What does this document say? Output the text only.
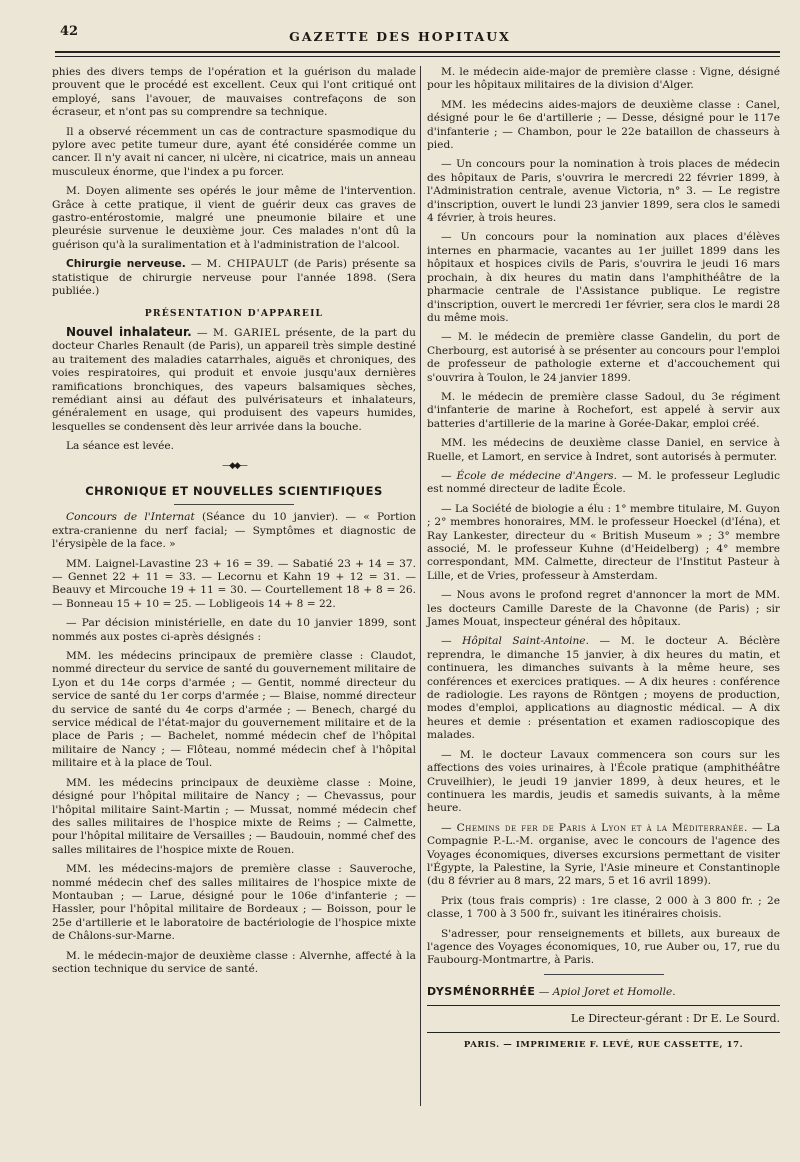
42	GAZETTE DES HOPITAUX

phies des divers temps de l'opération et la guérison du malade prouvent que le procédé est excellent. Ceux qui l'ont critiqué ont employé, sans l'avouer, de mauvaises contrefaçons de son écraseur, et n'ont pas su comprendre sa technique.

Il a observé récemment un cas de contracture spasmodique du pylore avec petite tumeur dure, ayant été considérée comme un cancer. Il n'y avait ni cancer, ni ulcère, ni cicatrice, mais un anneau musculeux énorme, que l'index a pu forcer.

M. Doyen alimente ses opérés le jour même de l'intervention. Grâce à cette pratique, il vient de guérir deux cas graves de gastro-entérostomie, malgré une pneumonie bilaire et une pleurésie survenue le deuxième jour. Ces malades n'ont dû la guérison qu'à la suralimentation et à l'administration de l'alcool.

Chirurgie nerveuse. — M. CHIPAULT (de Paris) présente sa statistique de chirurgie nerveuse pour l'année 1898. (Sera publiée.)

PRÉSENTATION D'APPAREIL

Nouvel inhalateur. — M. GARIEL présente, de la part du docteur Charles Renault (de Paris), un appareil très simple destiné au traitement des maladies catarrhales, aiguës et chroniques, des voies respiratoires, qui produit et envoie jusqu'aux dernières ramifications bronchiques, des vapeurs balsamiques sèches, remédiant ainsi au défaut des pulvérisateurs et inhalateurs, généralement en usage, qui produisent des vapeurs humides, lesquelles se condensent dès leur arrivée dans la bouche.

La séance est levée.

—◆◆—
CHRONIQUE ET NOUVELLES SCIENTIFIQUES

Concours de l'Internat (Séance du 10 janvier). — « Portion extra-cranienne du nerf facial; — Symptômes et diagnostic de l'érysipèle de la face. »

MM. Laignel-Lavastine 23 + 16 = 39. — Sabatié 23 + 14 = 37. — Gennet 22 + 11 = 33. — Lecornu et Kahn 19 + 12 = 31. — Beauvy et Mircouche 19 + 11 = 30. — Courtellement 18 + 8 = 26. — Bonneau 15 + 10 = 25. — Lobligeois 14 + 8 = 22.

— Par décision ministérielle, en date du 10 janvier 1899, sont nommés aux postes ci-après désignés :

MM. les médecins principaux de première classe : Claudot, nommé directeur du service de santé du gouvernement militaire de Lyon et du 14e corps d'armée ; — Gentit, nommé directeur du service de santé du 1er corps d'armée ; — Blaise, nommé directeur du service de santé du 4e corps d'armée ; — Benech, chargé du service médical de l'état-major du gouvernement militaire et de la place de Paris ; — Bachelet, nommé médecin chef de l'hôpital militaire de Nancy ; — Flôteau, nommé médecin chef à l'hôpital militaire et à la place de Toul.

MM. les médecins principaux de deuxième classe : Moine, désigné pour l'hôpital militaire de Nancy ; — Chevassus, pour l'hôpital militaire Saint-Martin ; — Mussat, nommé médecin chef des salles militaires de l'hospice mixte de Reims ; — Calmette, pour l'hôpital militaire de Versailles ; — Baudouin, nommé chef des salles militaires de l'hospice mixte de Rouen.

MM. les médecins-majors de première classe : Sauveroche, nommé médecin chef des salles militaires de l'hospice mixte de Montauban ; — Larue, désigné pour le 106e d'infanterie ; — Hassler, pour l'hôpital militaire de Bordeaux ; — Boisson, pour le 25e d'artillerie et le laboratoire de bactériologie de l'hospice mixte de Châlons-sur-Marne.

M. le médecin-major de deuxième classe : Alvernhe, affecté à la section technique du service de santé.

M. le médecin aide-major de première classe : Vigne, désigné pour les hôpitaux militaires de la division d'Alger.

MM. les médecins aides-majors de deuxième classe : Canel, désigné pour le 6e d'artillerie ; — Desse, désigné pour le 117e d'infanterie ; — Chambon, pour le 22e bataillon de chasseurs à pied.

— Un concours pour la nomination à trois places de médecin des hôpitaux de Paris, s'ouvrira le mercredi 22 février 1899, à l'Administration centrale, avenue Victoria, n° 3. — Le registre d'inscription, ouvert le lundi 23 janvier 1899, sera clos le samedi 4 février, à trois heures.

— Un concours pour la nomination aux places d'élèves internes en pharmacie, vacantes au 1er juillet 1899 dans les hôpitaux et hospices civils de Paris, s'ouvrira le jeudi 16 mars prochain, à dix heures du matin dans l'amphithéâtre de la pharmacie centrale de l'Assistance publique. Le registre d'inscription, ouvert le mercredi 1er février, sera clos le mardi 28 du même mois.

— M. le médecin de première classe Gandelin, du port de Cherbourg, est autorisé à se présenter au concours pour l'emploi de professeur de pathologie externe et d'accouchement qui s'ouvrira à Toulon, le 24 janvier 1899.

M. le médecin de première classe Sadoul, du 3e régiment d'infanterie de marine à Rochefort, est appelé à servir aux batteries d'artillerie de la marine à Gorée-Dakar, emploi créé.

MM. les médecins de deuxième classe Daniel, en service à Ruelle, et Lamort, en service à Indret, sont autorisés à permuter.

— École de médecine d'Angers. — M. le professeur Legludic est nommé directeur de ladite École.

— La Société de biologie a élu : 1° membre titulaire, M. Guyon ; 2° membres honoraires, MM. le professeur Hoeckel (d'Iéna), et Ray Lankester, directeur du « British Museum » ; 3° membre associé, M. le professeur Kuhne (d'Heidelberg) ; 4° membre correspondant, MM. Calmette, directeur de l'Institut Pasteur à Lille, et de Vries, professeur à Amsterdam.

— Nous avons le profond regret d'annoncer la mort de MM. les docteurs Camille Dareste de la Chavonne (de Paris) ; sir James Mouat, inspecteur général des hôpitaux.

— Hôpital Saint-Antoine. — M. le docteur A. Béclère reprendra, le dimanche 15 janvier, à dix heures du matin, et continuera, les dimanches suivants à la même heure, ses conférences et exercices pratiques. — A dix heures : conférence de radiologie. Les rayons de Röntgen ; moyens de production, modes d'emploi, applications au diagnostic médical. — A dix heures et demie : présentation et examen radioscopique des malades.

— M. le docteur Lavaux commencera son cours sur les affections des voies urinaires, à l'École pratique (amphithéâtre Cruveilhier), le jeudi 19 janvier 1899, à deux heures, et le continuera les mardis, jeudis et samedis suivants, à la même heure.

— Chemins de fer de Paris à Lyon et à la Méditerranée. — La Compagnie P.-L.-M. organise, avec le concours de l'agence des Voyages économiques, diverses excursions permettant de visiter l'Égypte, la Palestine, la Syrie, l'Asie mineure et Constantinople (du 8 février au 8 mars, 22 mars, 5 et 16 avril 1899).

Prix (tous frais compris) : 1re classe, 2 000 à 3 800 fr. ; 2e classe, 1 700 à 3 500 fr., suivant les itinéraires choisis.

S'adresser, pour renseignements et billets, aux bureaux de l'agence des Voyages économiques, 10, rue Auber ou, 17, rue du Faubourg-Montmartre, à Paris.

DYSMÉNORRHÉE — Apiol Joret et Homolle.
Le Directeur-gérant : Dr E. Le Sourd.
PARIS. — IMPRIMERIE F. LEVÉ, RUE CASSETTE, 17.
